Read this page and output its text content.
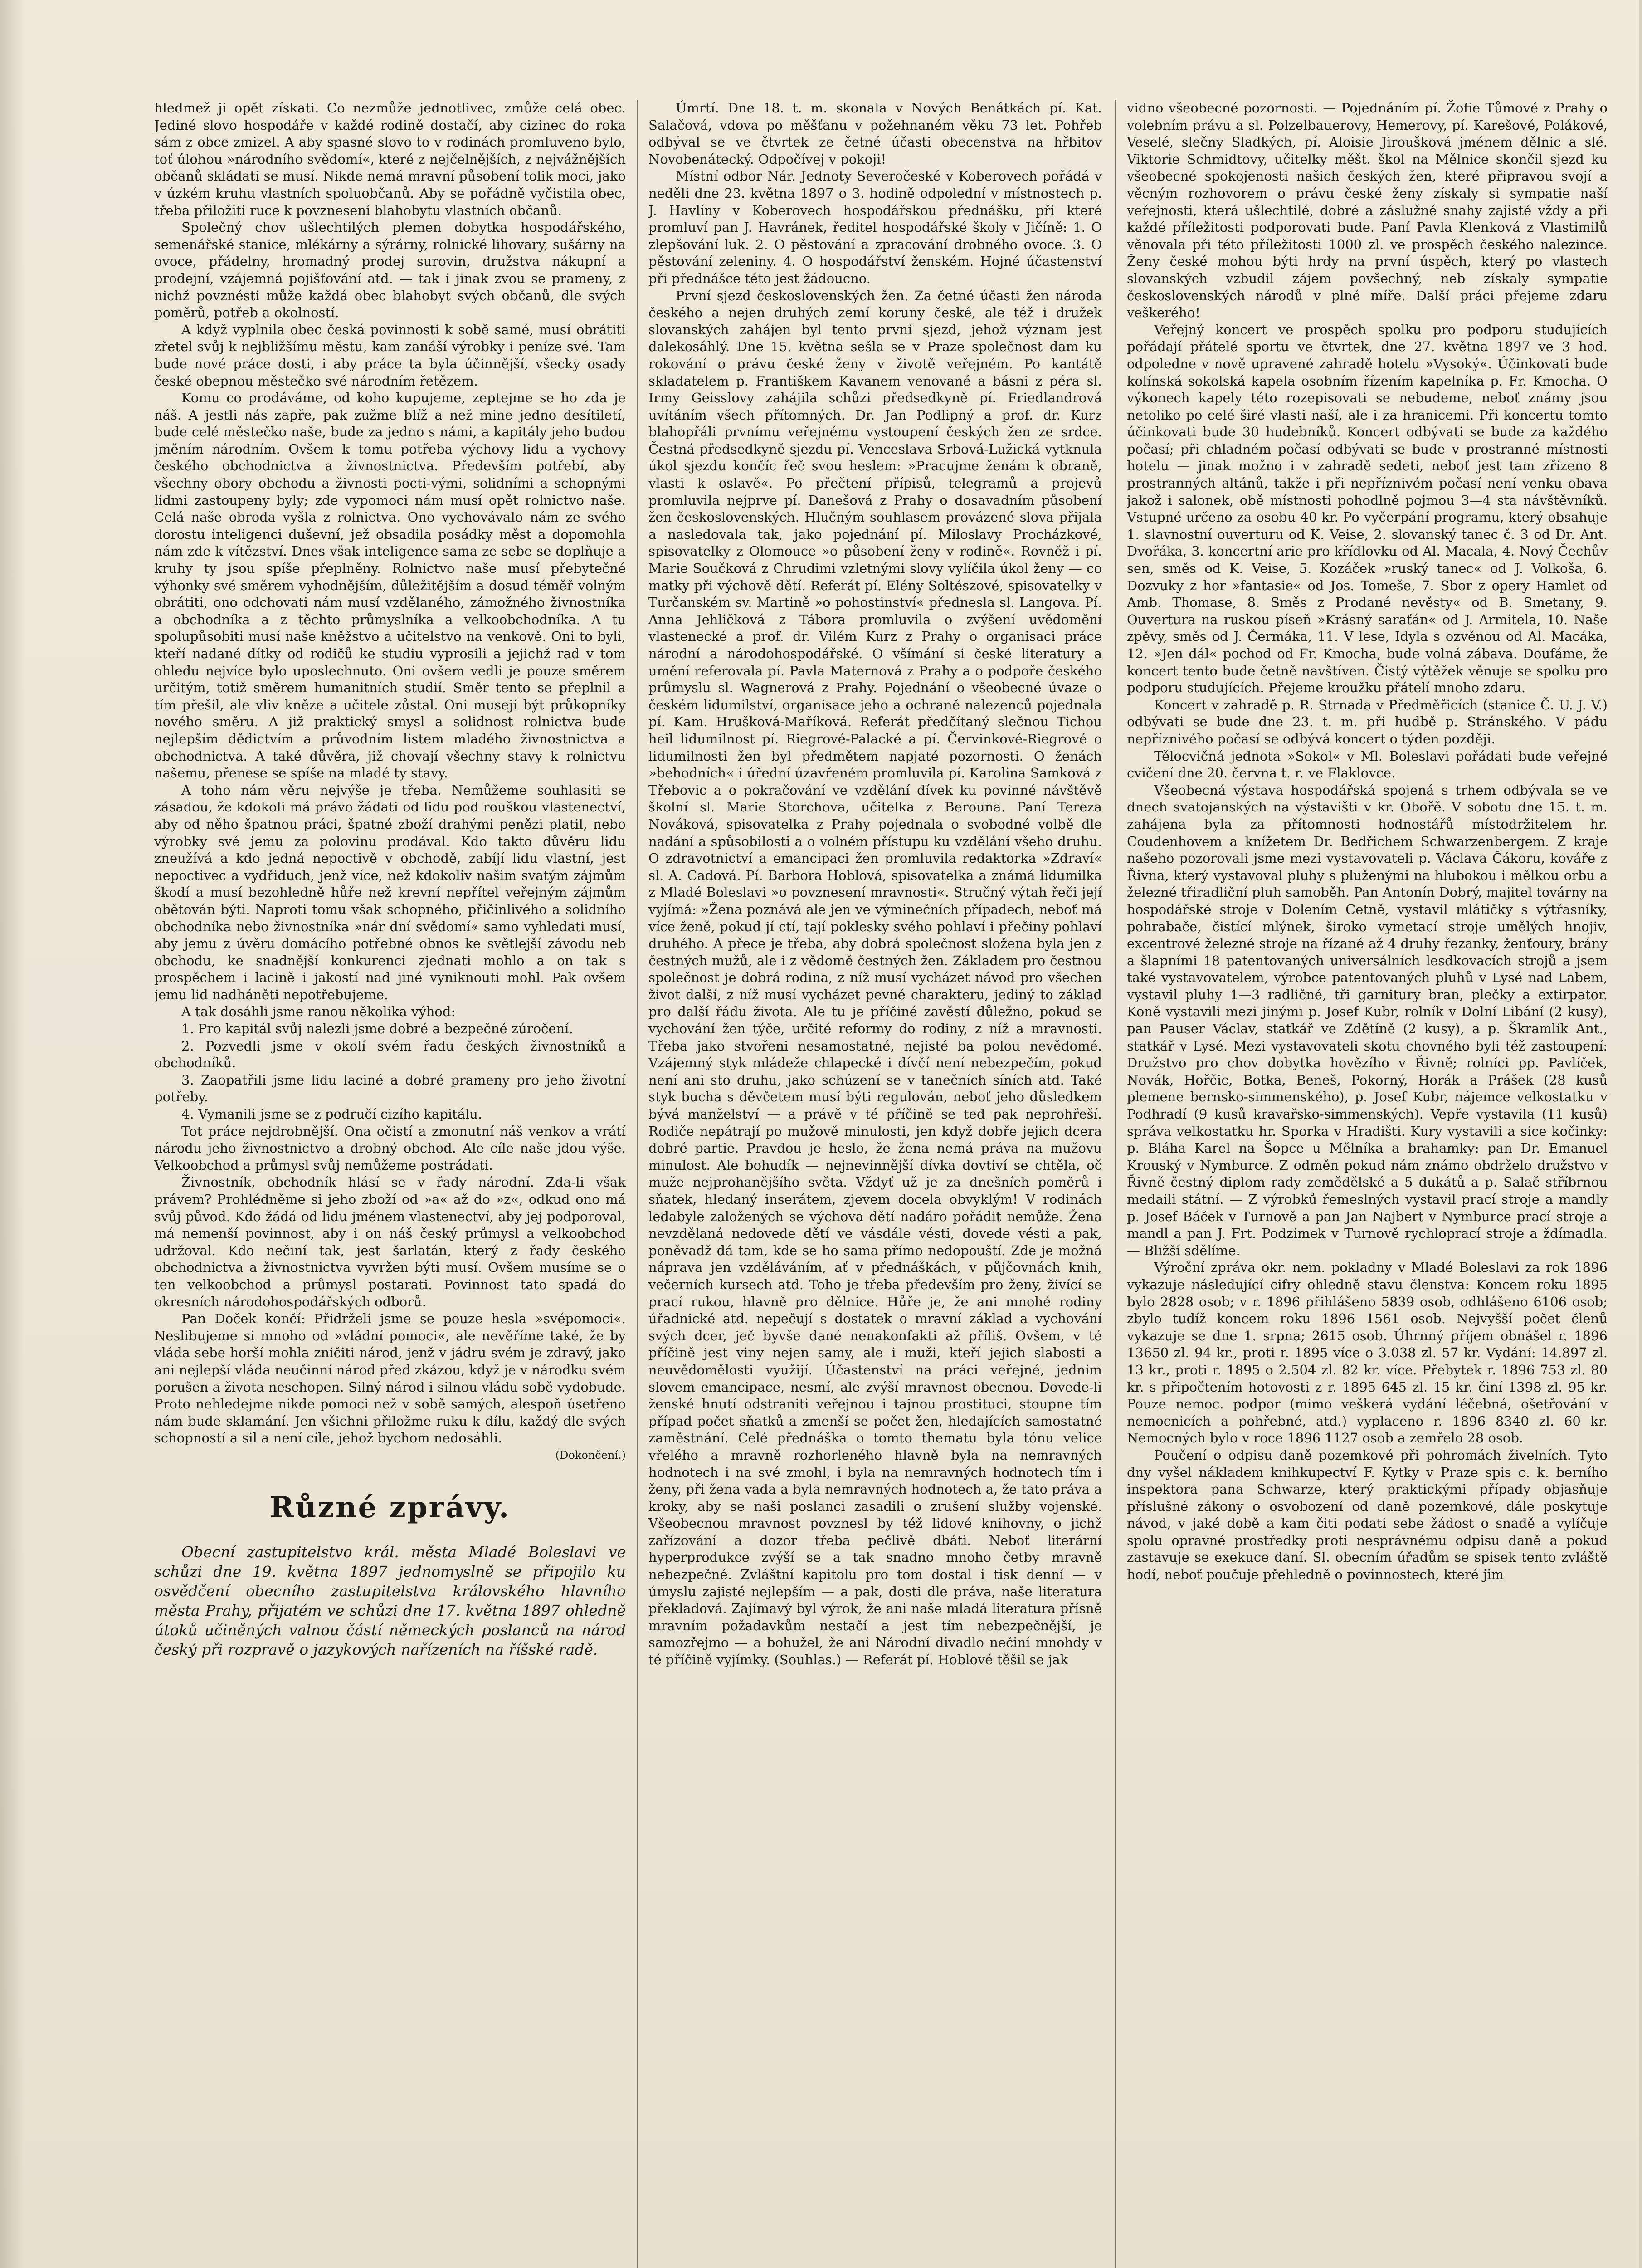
hledmež ji opět získati. Co nezmůže jednotlivec, zmůže celá obec. Jediné slovo hospodáře v každé rodině dostačí, aby cizinec do roka sám z obce zmizel. A aby spasné slovo to v rodinách promluveno bylo, toť úlohou »národního svědomí«, které z nejčelnějších, z nejvážnějších občanů skládati se musí. Nikde nemá mravní působení tolik moci, jako v úzkém kruhu vlastních spoluobčanů. Aby se pořádně vyčistila obec, třeba přiložiti ruce k povznesení blahobytu vlastních občanů.

Společný chov ušlechtilých plemen dobytka hospodářského, semenářské stanice, mlékárny a sýrárny, rolnické lihovary, sušárny na ovoce, přádelny, hromadný prodej surovin, družstva nákupní a prodejní, vzájemná pojišťování atd. — tak i jinak zvou se prameny, z nichž povznésti může každá obec blahobyt svých občanů, dle svých poměrů, potřeb a okolností.

A když vyplnila obec česká povinnosti k sobě samé, musí obrátiti zřetel svůj k nejbližšímu městu, kam zanáší výrobky i peníze své. Tam bude nové práce dosti, i aby práce ta byla účinnější, všecky osady české obepnou městečko své národním řetězem.

Komu co prodáváme, od koho kupujeme, zeptejme se ho zda je náš. A jestli nás zapře, pak zužme blíž a než mine jedno desítiletí, bude celé městečko naše, bude za jedno s námi, a kapitály jeho budou jměním národním. Ovšem k tomu potřeba výchovy lidu a vychovy českého obchodnictva a živnostnictva. Především potřebí, aby všechny obory obchodu a živnosti pocti-vými, solidními a schopnými lidmi zastoupeny byly; zde vypomoci nám musí opět rolnictvo naše. Celá naše obroda vyšla z rolnictva. Ono vychovávalo nám ze svého dorostu inteligenci duševní, jež obsadila posádky měst a dopomohla nám zde k vítězství. Dnes však inteligence sama ze sebe se doplňuje a kruhy ty jsou spíše přeplněny. Rolnictvo naše musí přebytečné výhonky své směrem vyhodnějším, důležitějším a dosud téměř volným obrátiti, ono odchovati nám musí vzdělaného, zámožného živnostníka a obchodníka a z těchto průmyslníka a velkoobchodníka. A tu spolupůsobiti musí naše kněžstvo a učitelstvo na venkově. Oni to byli, kteří nadané dítky od rodičů ke studiu vyprosili a jejichž rad v tom ohledu nejvíce bylo uposlechnuto. Oni ovšem vedli je pouze směrem určitým, totiž směrem humanitních studií. Směr tento se přeplnil a tím přešil, ale vliv kněze a učitele zůstal. Oni musejí být průkopníky nového směru. A již praktický smysl a solidnost rolnictva bude nejlepším dědictvím a průvodním listem mladého živnostnictva a obchodnictva. A také důvěra, již chovají všechny stavy k rolnictvu našemu, přenese se spíše na mladé ty stavy.

A toho nám věru nejvýše je třeba. Nemůžeme souhlasiti se zásadou, že kdokoli má právo žádati od lidu pod rouškou vlastenectví, aby od něho špatnou práci, špatné zboží drahými penězi platil, nebo výrobky své jemu za polovinu prodával. Kdo takto důvěru lidu zneužívá a kdo jedná nepoctivě v obchodě, zabíjí lidu vlastní, jest nepoctivec a vydřiduch, jenž více, než kdokoliv našim svatým zájmům škodí a musí bezohledně hůře než krevní nepřítel veřejným zájmům obětován býti. Naproti tomu však schopného, přičinlivého a solidního obchodníka nebo živnostníka »nár dní svědomí« samo vyhledati musí, aby jemu z úvěru domácího potřebné obnos ke světlejší závodu neb obchodu, ke snadnější konkurenci zjednati mohlo a on tak s prospěchem i lacině i jakostí nad jiné vyniknouti mohl. Pak ovšem jemu lid nadháněti nepotřebujeme.

A tak dosáhli jsme ranou několika výhod:

1. Pro kapitál svůj nalezli jsme dobré a bezpečné zúročení.

2. Pozvedli jsme v okolí svém řadu českých živnostníků a obchodníků.

3. Zaopatřili jsme lidu laciné a dobré prameny pro jeho životní potřeby.

4. Vymanili jsme se z područí cizího kapitálu.

Tot práce nejdrobnější. Ona očistí a zmonutní náš venkov a vrátí národu jeho živnostnictvo a drobný obchod. Ale cíle naše jdou výše. Velkoobchod a průmysl svůj nemůžeme postrádati.

Živnostník, obchodník hlásí se v řady národní. Zda-li však právem? Prohlédněme si jeho zboží od »a« až do »z«, odkud ono má svůj původ. Kdo žádá od lidu jménem vlastenectví, aby jej podporoval, má nemenší povinnost, aby i on náš český průmysl a velkoobchod udržoval. Kdo nečiní tak, jest šarlatán, který z řady českého obchodnictva a živnostnictva vyvržen býti musí. Ovšem musíme se o ten velkoobchod a průmysl postarati. Povinnost tato spadá do okresních národohospodářských odborů.

Pan Doček končí: Přidrželi jsme se pouze hesla »svépomoci«. Neslibujeme si mnoho od »vládní pomoci«, ale nevěříme také, že by vláda sebe horší mohla zničiti národ, jenž v jádru svém je zdravý, jako ani nejlepší vláda neučinní národ před zkázou, když je v národku svém porušen a života neschopen. Silný národ i silnou vládu sobě vydobude. Proto nehledejme nikde pomoci než v sobě samých, alespoň úsetřeno nám bude sklamání. Jen všichni přiložme ruku k dílu, každý dle svých schopností a sil a není cíle, jehož bychom nedosáhli.

(Dokončení.)
Různé zprávy.

Obecní zastupitelstvo král. města Mladé Boleslavi ve schůzi dne 19. května 1897 jednomyslně se připojilo ku osvědčení obecního zastupitelstva královského hlavního města Prahy, přijatém ve schůzi dne 17. května 1897 ohledně útoků učiněných valnou částí německých poslanců na národ český při rozpravě o jazykových nařízeních na říšské radě.

Úmrtí. Dne 18. t. m. skonala v Nových Benátkách pí. Kat. Salačová, vdova po měšťanu v požehnaném věku 73 let. Pohřeb odbýval se ve čtvrtek ze četné účasti obecenstva na hřbitov Novobenátecký. Odpočívej v pokoji!

Místní odbor Nár. Jednoty Severočeské v Koberovech pořádá v neděli dne 23. května 1897 o 3. hodině odpolední v místnostech p. J. Havlíny v Koberovech hospodářskou přednášku, při které promluví pan J. Havránek, ředitel hospodářské školy v Jičíně: 1. O zlepšování luk. 2. O pěstování a zpracování drobného ovoce. 3. O pěstování zeleniny. 4. O hospodářství ženském. Hojné účastenství při přednášce této jest žádoucno.

První sjezd československých žen. Za četné účasti žen národa českého a nejen druhých zemí koruny české, ale též i družek slovanských zahájen byl tento první sjezd, jehož význam jest dalekosáhlý. Dne 15. května sešla se v Praze společnost dam ku rokování o právu české ženy v životě veřejném. Po kantátě skladatelem p. Františkem Kavanem venované a básni z péra sl. Irmy Geisslovy zahájila schůzi předsedkyně pí. Friedlandrová uvítáním všech přítomných. Dr. Jan Podlipný a prof. dr. Kurz blahopřáli prvnímu veřejnému vystoupení českých žen ze srdce. Čestná předsedkyně sjezdu pí. Venceslava Srbová-Lužická vytknula úkol sjezdu končíc řeč svou heslem: »Pracujme ženám k obraně, vlasti k oslavě«. Po přečtení přípisů, telegramů a projevů promluvila nejprve pí. Danešová z Prahy o dosavadním působení žen československých. Hlučným souhlasem provázené slova přijala a nasledovala tak, jako pojednání pí. Miloslavy Procházkové, spisovatelky z Olomouce »o působení ženy v rodině«. Rovněž i pí. Marie Součková z Chrudimi vzletnými slovy vylíčila úkol ženy — co matky při výchově dětí. Referát pí. Elény Soltészové, spisovatelky v Turčanském sv. Martině »o pohostinství« přednesla sl. Langova. Pí. Anna Jehličková z Tábora promluvila o zvýšení uvědomění vlastenecké a prof. dr. Vilém Kurz z Prahy o organisaci práce národní a národohospodářské. O všímání si české literatury a umění referovala pí. Pavla Maternová z Prahy a o podpoře českého průmyslu sl. Wagnerová z Prahy. Pojednání o všeobecné úvaze o českém lidumilství, organisace jeho a ochraně nalezenců pojednala pí. Kam. Hrušková-Maříková. Referát předčítaný slečnou Tichou heil lidumilnost pí. Riegrové-Palacké a pí. Červinkové-Riegrové o lidumilnosti žen byl předmětem napjaté pozornosti. O ženách »behodních« i úřední úzavřeném promluvila pí. Karolina Samková z Třebovic a o pokračování ve vzdělání dívek ku povinné návštěvě školní sl. Marie Storchova, učitelka z Berouna. Paní Tereza Nováková, spisovatelka z Prahy pojednala o svobodné volbě dle nadání a spůsobilosti a o volném přístupu ku vzdělání všeho druhu. O zdravotnictví a emancipaci žen promluvila redaktorka »Zdraví« sl. A. Cadová. Pí. Barbora Hoblová, spisovatelka a známá lidumilka z Mladé Boleslavi »o povznesení mravnosti«. Stručný výtah řeči její vyjímá: »Žena poznává ale jen ve výminečních případech, neboť má více ženě, pokud jí ctí, tají poklesky svého pohlaví i přečiny pohlaví druhého. A přece je třeba, aby dobrá společnost složena byla jen z čestných mužů, ale i z vědomě čestných žen. Základem pro čestnou společnost je dobrá rodina, z níž musí vycházet návod pro všechen život další, z níž musí vycházet pevné charakteru, jediný to základ pro další řádu života. Ale tu je příčiné zavěstí důležno, pokud se vychování žen týče, určité reformy do rodiny, z níž a mravnosti. Třeba jako stvořeni nesamostatné, nejisté ba polou nevědomé. Vzájemný styk mládeže chlapecké i dívčí není nebezpečím, pokud není ani sto druhu, jako schúzení se v tanečních síních atd. Také styk bucha s děvčetem musí býti regulován, neboť jeho důsledkem bývá manželství — a právě v té příčině se ted pak neprohřeší. Rodiče nepátrají po mužově minulosti, jen když dobře jejich dcera dobré partie. Pravdou je heslo, že žena nemá práva na mužovu minulost. Ale bohudík — nejnevinnější dívka dovtiví se chtěla, oč muže nejprohanějšího světa. Vždyť už je za dnešních poměrů i sňatek, hledaný inserátem, zjevem docela obvyklým! V rodinách ledabyle založených se výchova dětí nadáro pořádit nemůže. Žena nevzdělaná nedovede dětí ve vásdále vésti, dovede vésti a pak, poněvadž dá tam, kde se ho sama přímo nedopouští. Zde je možná náprava jen vzděláváním, ať v přednáškách, v půjčovnách knih, večerních kursech atd. Toho je třeba především pro ženy, živící se prací rukou, hlavně pro dělnice. Hůře je, že ani mnohé rodiny úřadnické atd. nepečují s dostatek o mravní základ a vychování svých dcer, ječ byvše dané nenakonfakti až příliš. Ovšem, v té příčině jest viny nejen samy, ale i muži, kteří jejich slabosti a neuvědomělosti využijí. Účastenství na práci veřejné, jednim slovem emancipace, nesmí, ale zvýší mravnost obecnou. Dovede-li ženské hnutí odstraniti veřejnou i tajnou prostituci, stoupne tím případ počet sňatků a zmenší se počet žen, hledajících samostatné zaměstnání. Celé přednáška o tomto thematu byla tónu velice vřelého a mravně rozhorleného hlavně byla na nemravných hodnotech i na své zmohl, i byla na nemravných hodnotech tím i ženy, při žena vada a byla nemravných hodnotech a, že tato práva a kroky, aby se naši poslanci zasadili o zrušení služby vojenské. Všeobecnou mravnost povznesl by též lidové knihovny, o jichž zařízování a dozor třeba pečlivě dbáti. Neboť literární hyperprodukce zvýší se a tak snadno mnoho četby mravně nebezpečné. Zvláštní kapitolu pro tom dostal i tisk denní — v úmyslu zajisté nejlepším — a pak, dosti dle práva, naše literatura překladová. Zajímavý byl výrok, že ani naše mladá literatura přísně mravním požadavkům nestačí a jest tím nebezpečnější, je samozřejmo — a bohužel, že ani Národní divadlo nečiní mnohdy v té příčině vyjímky. (Souhlas.) — Referát pí. Hoblové těšil se jak

vidno všeobecné pozornosti. — Pojednáním pí. Žofie Tůmové z Prahy o volebním právu a sl. Polzelbauerovy, Hemerovy, pí. Karešové, Polákové, Veselé, slečny Sladkých, pí. Aloisie Jiroušková jménem dělnic a slé. Viktorie Schmidtovy, učitelky měšt. škol na Mělnice skončil sjezd ku všeobecné spokojenosti našich českých žen, které připravou svojí a věcným rozhovorem o právu české ženy získaly si sympatie naší veřejnosti, která ušlechtilé, dobré a záslužné snahy zajisté vždy a při každé příležitosti podporovati bude. Paní Pavla Klenková z Vlastimilů věnovala při této příležitosti 1000 zl. ve prospěch českého nalezince. Ženy české mohou býti hrdy na první úspěch, který po vlastech slovanských vzbudil zájem povšechný, neb získaly sympatie československých národů v plné míře. Další práci přejeme zdaru veškerého!

Veřejný koncert ve prospěch spolku pro podporu studujících pořádají přátelé sportu ve čtvrtek, dne 27. května 1897 ve 3 hod. odpoledne v nově upravené zahradě hotelu »Vysoký«. Účinkovati bude kolínská sokolská kapela osobním řízením kapelníka p. Fr. Kmocha. O výkonech kapely této rozepisovati se nebudeme, neboť známy jsou netoliko po celé širé vlasti naší, ale i za hranicemi. Při koncertu tomto účinkovati bude 30 hudebníků. Koncert odbývati se bude za každého počasí; při chladném počasí odbývati se bude v prostranné místnosti hotelu — jinak možno i v zahradě sedeti, neboť jest tam zřízeno 8 prostranných altánů, takže i při nepříznivém počasí není venku obava jakož i salonek, obě místnosti pohodlně pojmou 3—4 sta návštěvníků. Vstupné určeno za osobu 40 kr. Po vyčerpání programu, který obsahuje 1. slavnostní ouverturu od K. Veise, 2. slovanský tanec č. 3 od Dr. Ant. Dvořáka, 3. koncertní arie pro křídlovku od Al. Macala, 4. Nový Čechův sen, směs od K. Veise, 5. Kozáček »ruský tanec« od J. Volkoša, 6. Dozvuky z hor »fantasie« od Jos. Tomeše, 7. Sbor z opery Hamlet od Amb. Thomase, 8. Směs z Prodané nevěsty« od B. Smetany, 9. Ouvertura na ruskou píseň »Krásný saraťán« od J. Armitela, 10. Naše zpěvy, směs od J. Čermáka, 11. V lese, Idyla s ozvěnou od Al. Macáka, 12. »Jen dál« pochod od Fr. Kmocha, bude volná zábava. Doufáme, že koncert tento bude četně navštíven. Čistý výtěžek věnuje se spolku pro podporu studujících. Přejeme kroužku přátelí mnoho zdaru.

Koncert v zahradě p. R. Strnada v Předměřicích (stanice Č. U. J. V.) odbývati se bude dne 23. t. m. při hudbě p. Stránského. V pádu nepříznivého počasí se odbývá koncert o týden později.

Tělocvičná jednota »Sokol« v Ml. Boleslavi pořádati bude veřejné cvičení dne 20. června t. r. ve Flaklovce.

Všeobecná výstava hospodářská spojená s trhem odbývala se ve dnech svatojanských na výstavišti v kr. Obořě. V sobotu dne 15. t. m. zahájena byla za přítomnosti hodnostářů místodržitelem hr. Coudenhovem a knížetem Dr. Bedřichem Schwarzenbergem. Z kraje našeho pozorovali jsme mezi vystavovateli p. Václava Čákoru, kováře z Řivna, který vystavoval pluhy s pluženými na hlubokou i mělkou orbu a železné třiradliční pluh samoběh. Pan Antonín Dobrý, majitel továrny na hospodářské stroje v Dolením Cetně, vystavil mlátičky s výtřasníky, pohrabače, čistící mlýnek, široko vymetací stroje umělých hnojiv, excentrové železné stroje na řízané až 4 druhy řezanky, ženťoury, brány a šlapními 18 patentovaných universálních lesdkovacích strojů a jsem také vystavovatelem, výrobce patentovaných pluhů v Lysé nad Labem, vystavil pluhy 1—3 radličné, tři garnitury bran, plečky a extirpator. Koně vystavili mezi jinými p. Josef Kubr, rolník v Dolní Libání (2 kusy), pan Pauser Václav, statkář ve Zdětíně (2 kusy), a p. Škramlík Ant., statkář v Lysé. Mezi vystavovateli skotu chovného byli též zastoupení: Družstvo pro chov dobytka hovězího v Řivně; rolníci pp. Pavlíček, Novák, Hořčic, Botka, Beneš, Pokorný, Horák a Prášek (28 kusů plemene bernsko-simmenského), p. Josef Kubr, nájemce velkostatku v Podhradí (9 kusů kravařsko-simmenských). Vepře vystavila (11 kusů) správa velkostatku hr. Sporka v Hradišti. Kury vystavili a sice kočinky: p. Bláha Karel na Šopce u Mělníka a brahamky: pan Dr. Emanuel Krouský v Nymburce. Z odměn pokud nám známo obdrželo družstvo v Řivně čestný diplom rady zemědělské a 5 dukátů a p. Salač stříbrnou medaili státní. — Z výrobků řemeslných vystavil prací stroje a mandly p. Josef Báček v Turnově a pan Jan Najbert v Nymburce prací stroje a mandl a pan J. Frt. Podzimek v Turnově rychloprací stroje a ždímadla. — Bližší sdělíme.

Výroční zpráva okr. nem. pokladny v Mladé Boleslavi za rok 1896 vykazuje následující cifry ohledně stavu členstva: Koncem roku 1895 bylo 2828 osob; v r. 1896 přihlášeno 5839 osob, odhlášeno 6106 osob; zbylo tudíž koncem roku 1896 1561 osob. Nejvyšší počet členů vykazuje se dne 1. srpna; 2615 osob. Úhrnný příjem obnášel r. 1896 13650 zl. 94 kr., proti r. 1895 více o 3.038 zl. 57 kr. Vydání: 14.897 zl. 13 kr., proti r. 1895 o 2.504 zl. 82 kr. více. Přebytek r. 1896 753 zl. 80 kr. s připočtením hotovosti z r. 1895 645 zl. 15 kr. činí 1398 zl. 95 kr. Pouze nemoc. podpor (mimo veškerá vydání léčebná, ošetřování v nemocnicích a pohřebné, atd.) vyplaceno r. 1896 8340 zl. 60 kr. Nemocných bylo v roce 1896 1127 osob a zemřelo 28 osob.

Poučení o odpisu daně pozemkové při pohromách živelních. Tyto dny vyšel nákladem knihkupectví F. Kytky v Praze spis c. k. berního inspektora pana Schwarze, který praktickými případy objasňuje příslušné zákony o osvobození od daně pozemkové, dále poskytuje návod, v jaké době a kam čiti podati sebe žádost o snadě a vylíčuje spolu opravné prostředky proti nesprávnému odpisu daně a pokud zastavuje se exekuce daní. Sl. obecním úřadům se spisek tento zvláště hodí, neboť poučuje přehledně o povinnostech, které jim
